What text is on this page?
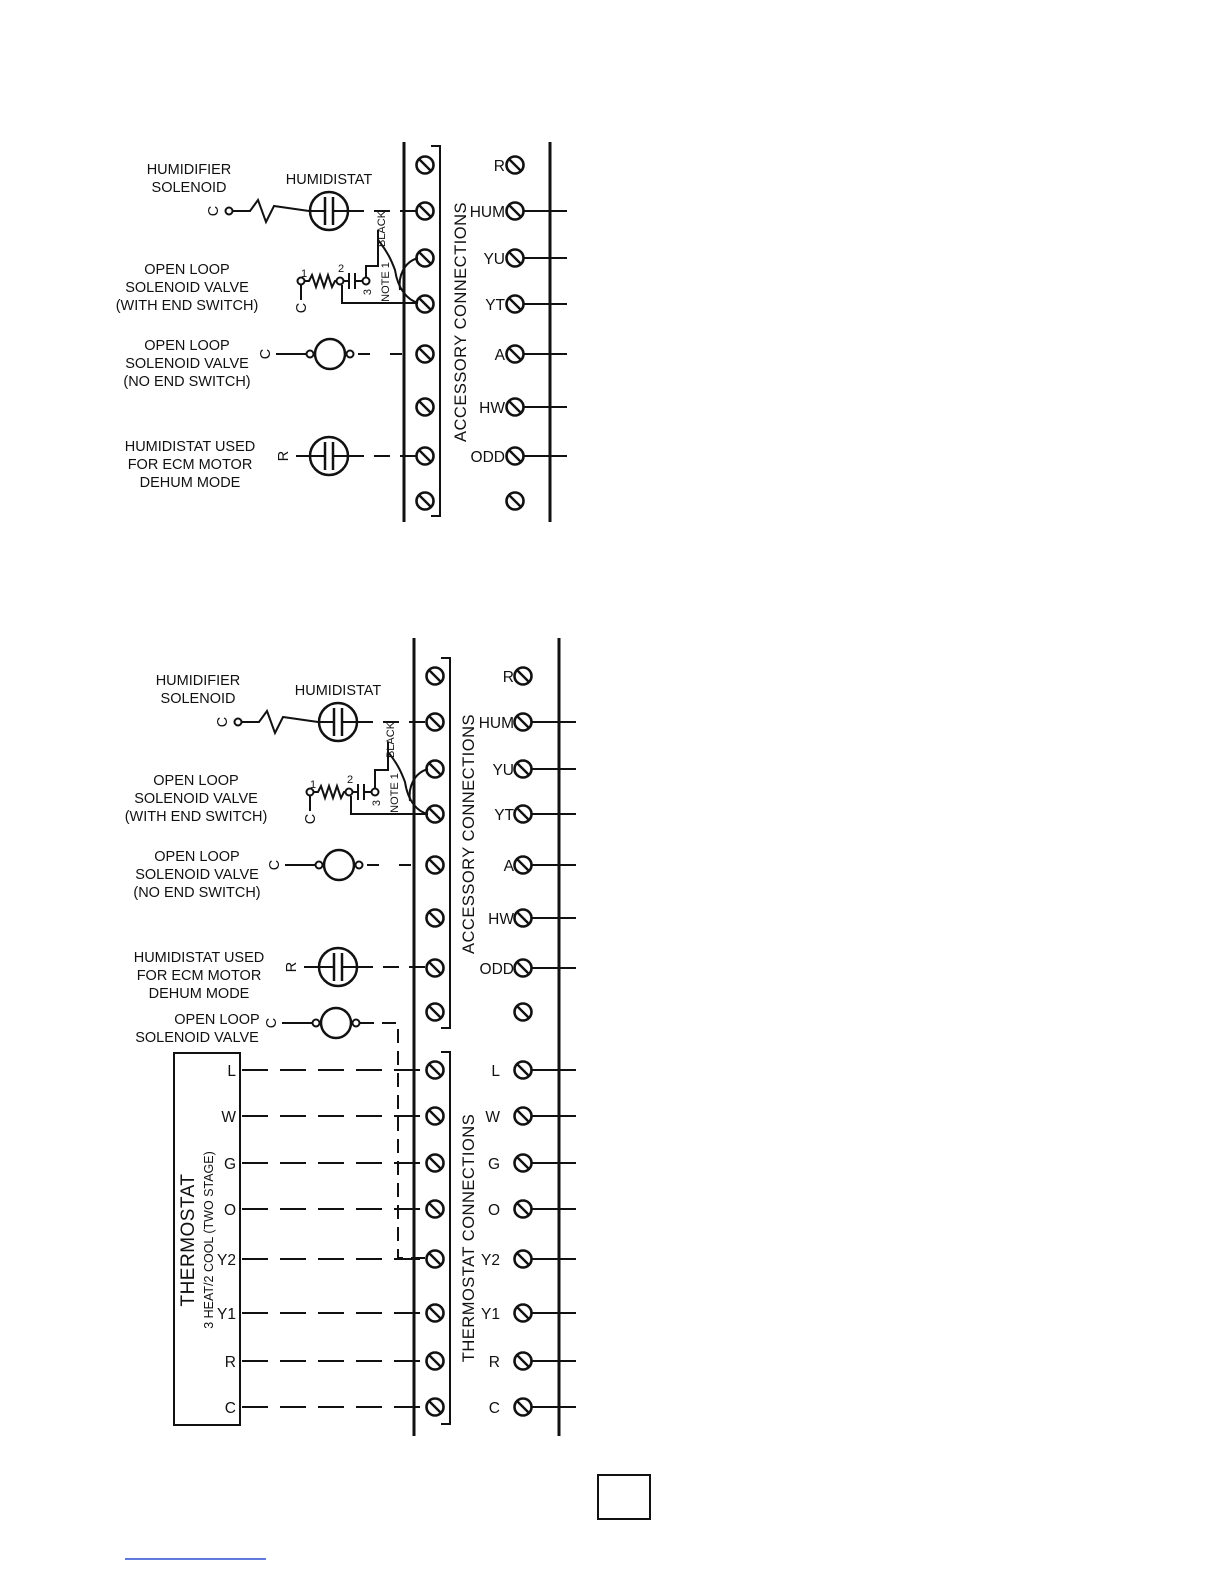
ACCESSORY CONNECTIONS
R
HUM
YU
YT
A
HW
ODD
HUMIDIFIER
SOLENOID	HUMIDISTAT
C
OPEN LOOP
SOLENOID VALVE
(WITH END SWITCH) C
1	2
3 NOTE 1
BLACK
OPEN LOOP
SOLENOID VALVE
(NO END SWITCH)
C
HUMIDISTAT USED
FOR ECM MOTOR
DEHUM MODE
R
ACCESSORY CONNECTIONS
THERMOSTAT CONNECTIONS
R
HUM
YU
YT
A
HW
ODD
L
W
G
O
Y2
Y1
R
C
HUMIDIFIER
SOLENOID	HUMIDISTAT
C
OPEN LOOP
SOLENOID VALVE
(WITH END SWITCH) C
1	2
3 NOTE 1
BLACK
OPEN LOOP
SOLENOID VALVE
(NO END SWITCH)
C
HUMIDISTAT USED
FOR ECM MOTOR
DEHUM MODE
R
OPEN LOOP
SOLENOID VALVE
C
THERMOSTAT 3 HEAT/2 COOL (TWO STAGE)
L
W
G
O
Y2
Y1
R
C
